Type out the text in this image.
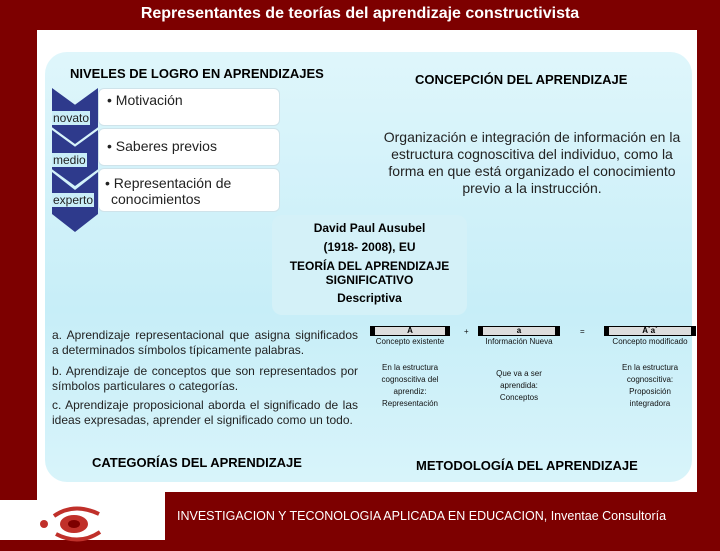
Representantes de teorías del aprendizaje constructivista
NIVELES DE LOGRO EN APRENDIZAJES	CONCEPCIÓN DEL APRENDIZAJE
novato
medio
experto
• Motivación
• Saberes previos
• Representación de conocimientos
Organización e integración de información en la estructura cognoscitiva del individuo, como la forma en que está organizado el conocimiento previo a la instrucción.
David Paul Ausubel
(1918- 2008), EU
TEORÍA DEL APRENDIZAJE SIGNIFICATIVO
Descriptiva
a. Aprendizaje representacional que asigna significados a determinados símbolos típicamente palabras.
b. Aprendizaje de conceptos que son representados por símbolos particulares o categorías.
c. Aprendizaje proposicional aborda el significado de las ideas expresadas, aprender el significado como un todo.
CATEGORÍAS DEL APRENDIZAJE
A
Concepto existente
En la estructura cognoscitiva del aprendiz: Representación
+	a
Información Nueva
Que va a ser aprendida: Conceptos
=	A´a´
Concepto modificado
En la estructura cognoscitiva: Proposición integradora
METODOLOGÍA DEL APRENDIZAJE
INVESTIGACION Y TECONOLOGIA APLICADA EN EDUCACION, Inventae Consultoría
